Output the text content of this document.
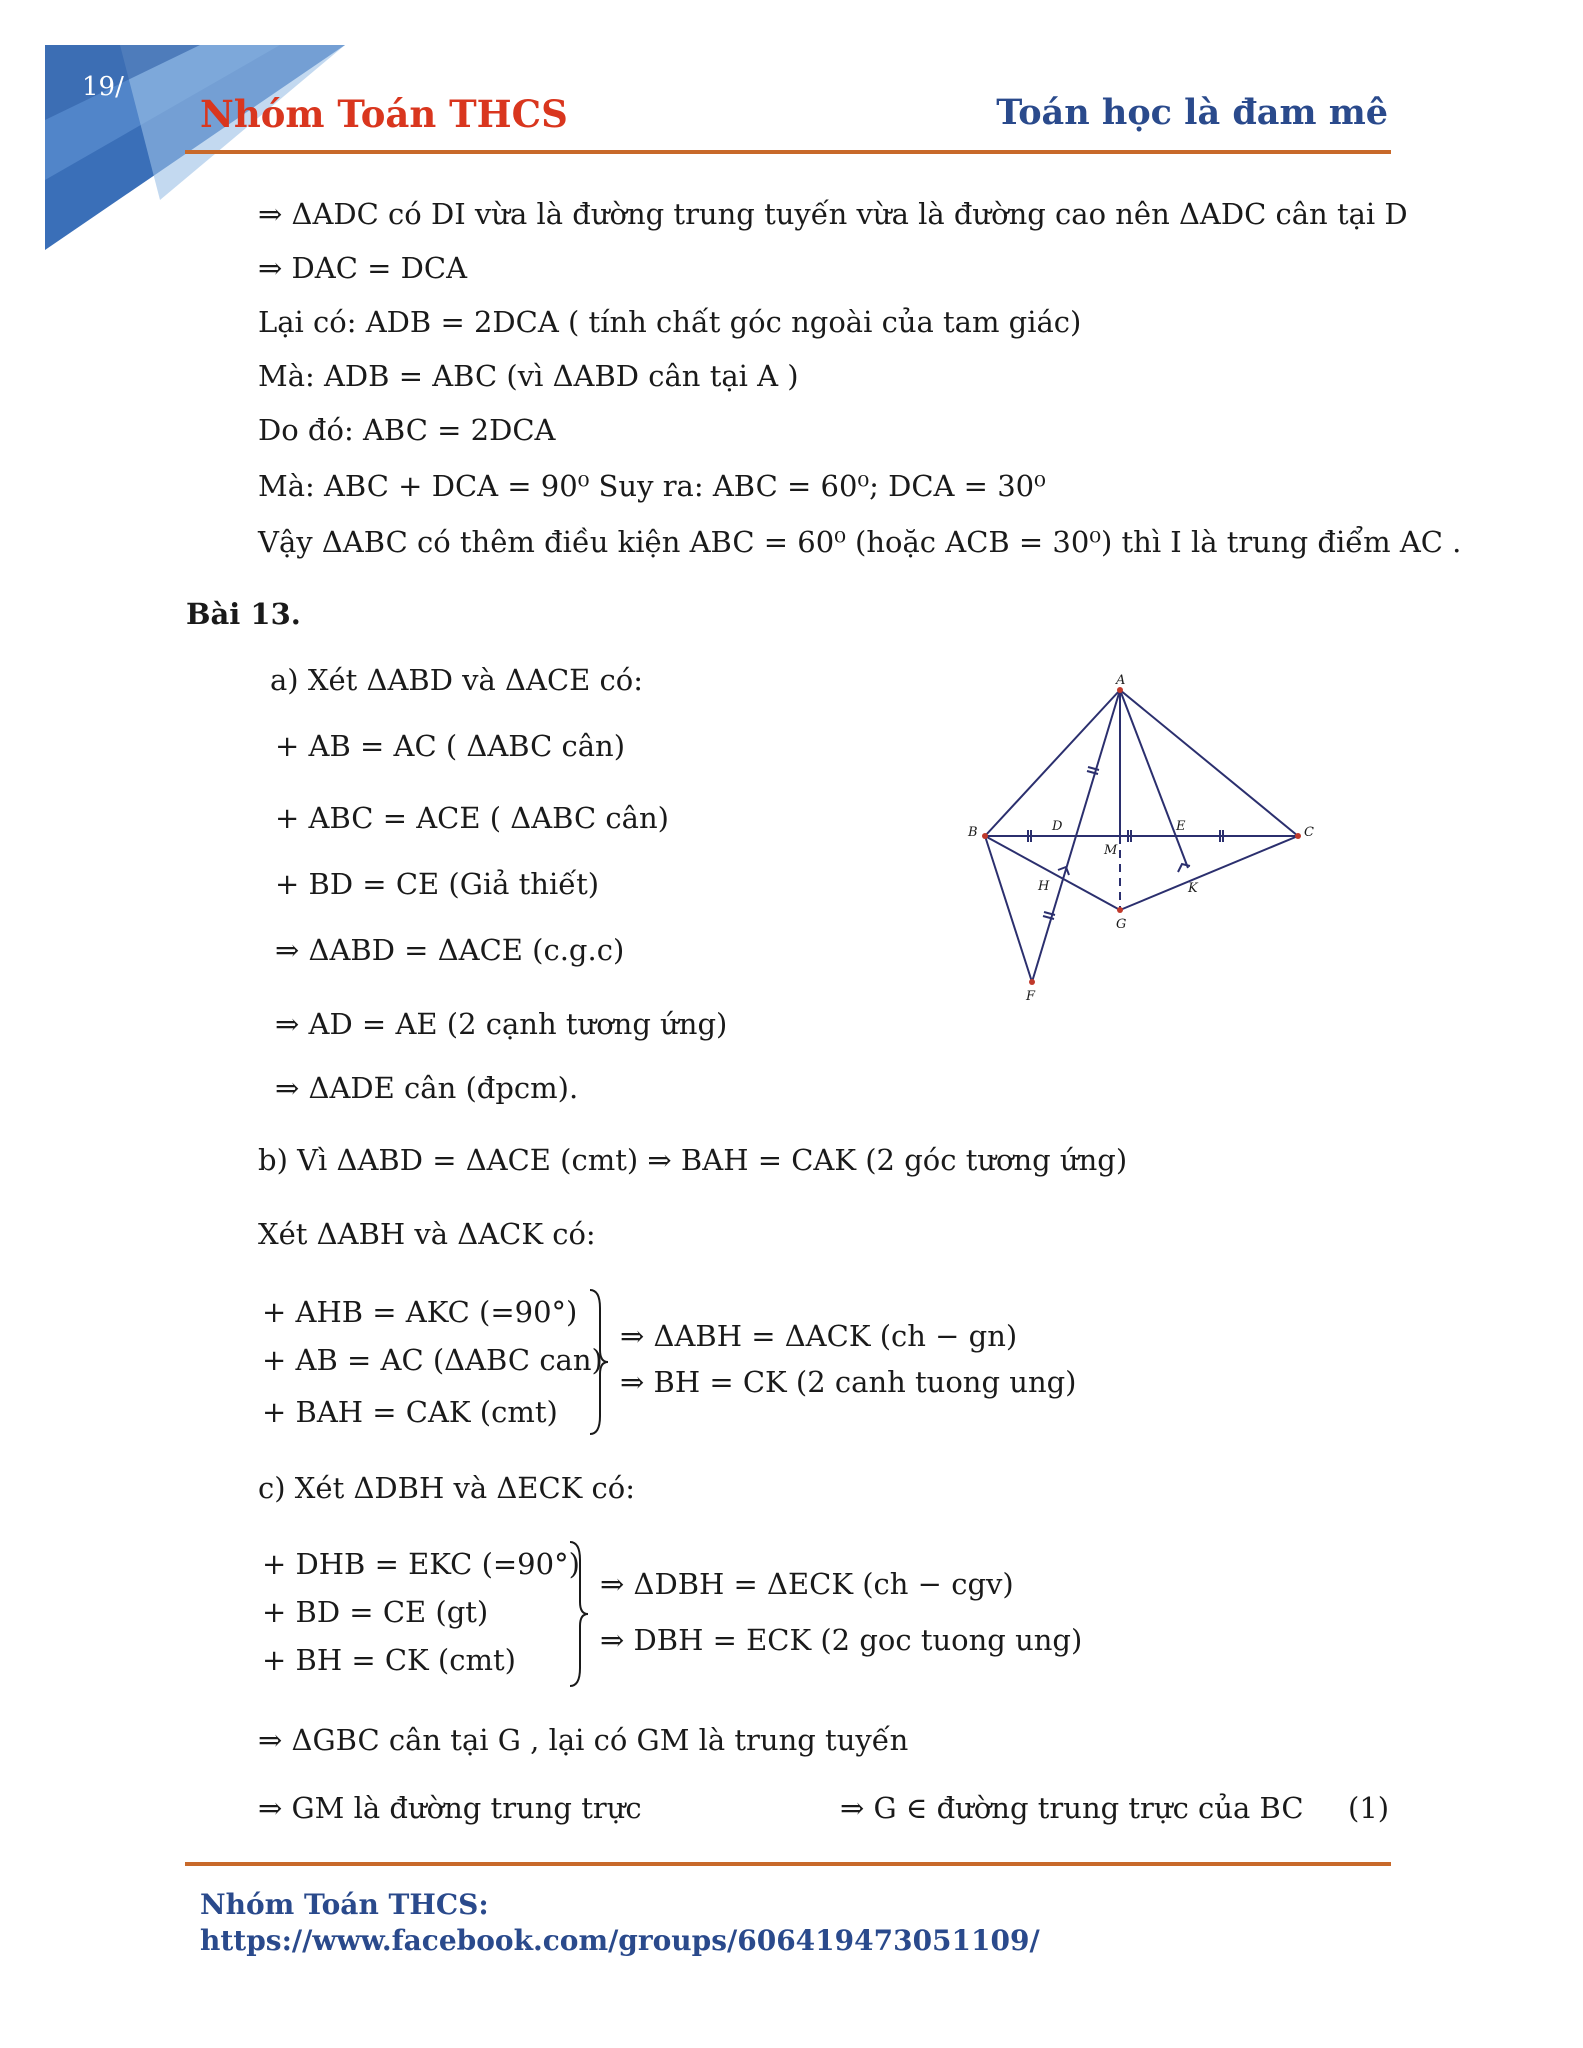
19/
Nhóm Toán THCS	Toán học là đam mê
⇒ ΔADC có DI vừa là đường trung tuyến vừa là đường cao nên ΔADC cân tại D
⇒ DAC = DCA
Lại có: ADB = 2DCA ( tính chất góc ngoài của tam giác)
Mà: ADB = ABC (vì ΔABD cân tại A )
Do đó: ABC = 2DCA
Mà: ABC + DCA = 90⁰ Suy ra: ABC = 60⁰; DCA = 30⁰
Vậy ΔABC có thêm điều kiện ABC = 60⁰ (hoặc ACB = 30⁰) thì I là trung điểm AC .
Bài 13.
a) Xét ΔABD và ΔACE có:
+ AB = AC ( ΔABC cân)
+ ABC = ACE ( ΔABC cân)
+ BD = CE (Giả thiết)
⇒ ΔABD = ΔACE (c.g.c)
⇒ AD = AE (2 cạnh tương ứng)
⇒ ΔADE cân (đpcm).
b) Vì ΔABD = ΔACE (cmt) ⇒ BAH = CAK (2 góc tương ứng)
Xét ΔABH và ΔACK có:
+ AHB = AKC (=90°)
+ AB = AC (ΔABC can)
+ BAH = CAK (cmt)
⇒ ΔABH = ΔACK (ch − gn)
⇒ BH = CK (2 canh tuong ung)
c) Xét ΔDBH và ΔECK có:
+ DHB = EKC (=90°)
+ BD = CE (gt)
+ BH = CK (cmt)
⇒ ΔDBH = ΔECK (ch − cgv)
⇒ DBH = ECK (2 goc tuong ung)
⇒ ΔGBC cân tại G , lại có GM là trung tuyến
⇒ GM là đường trung trực	⇒ G ∈ đường trung trực của BC (1)
A
B	C
D	E
M
H	K
G
F
Nhóm Toán THCS:
https://www.facebook.com/groups/606419473051109/
